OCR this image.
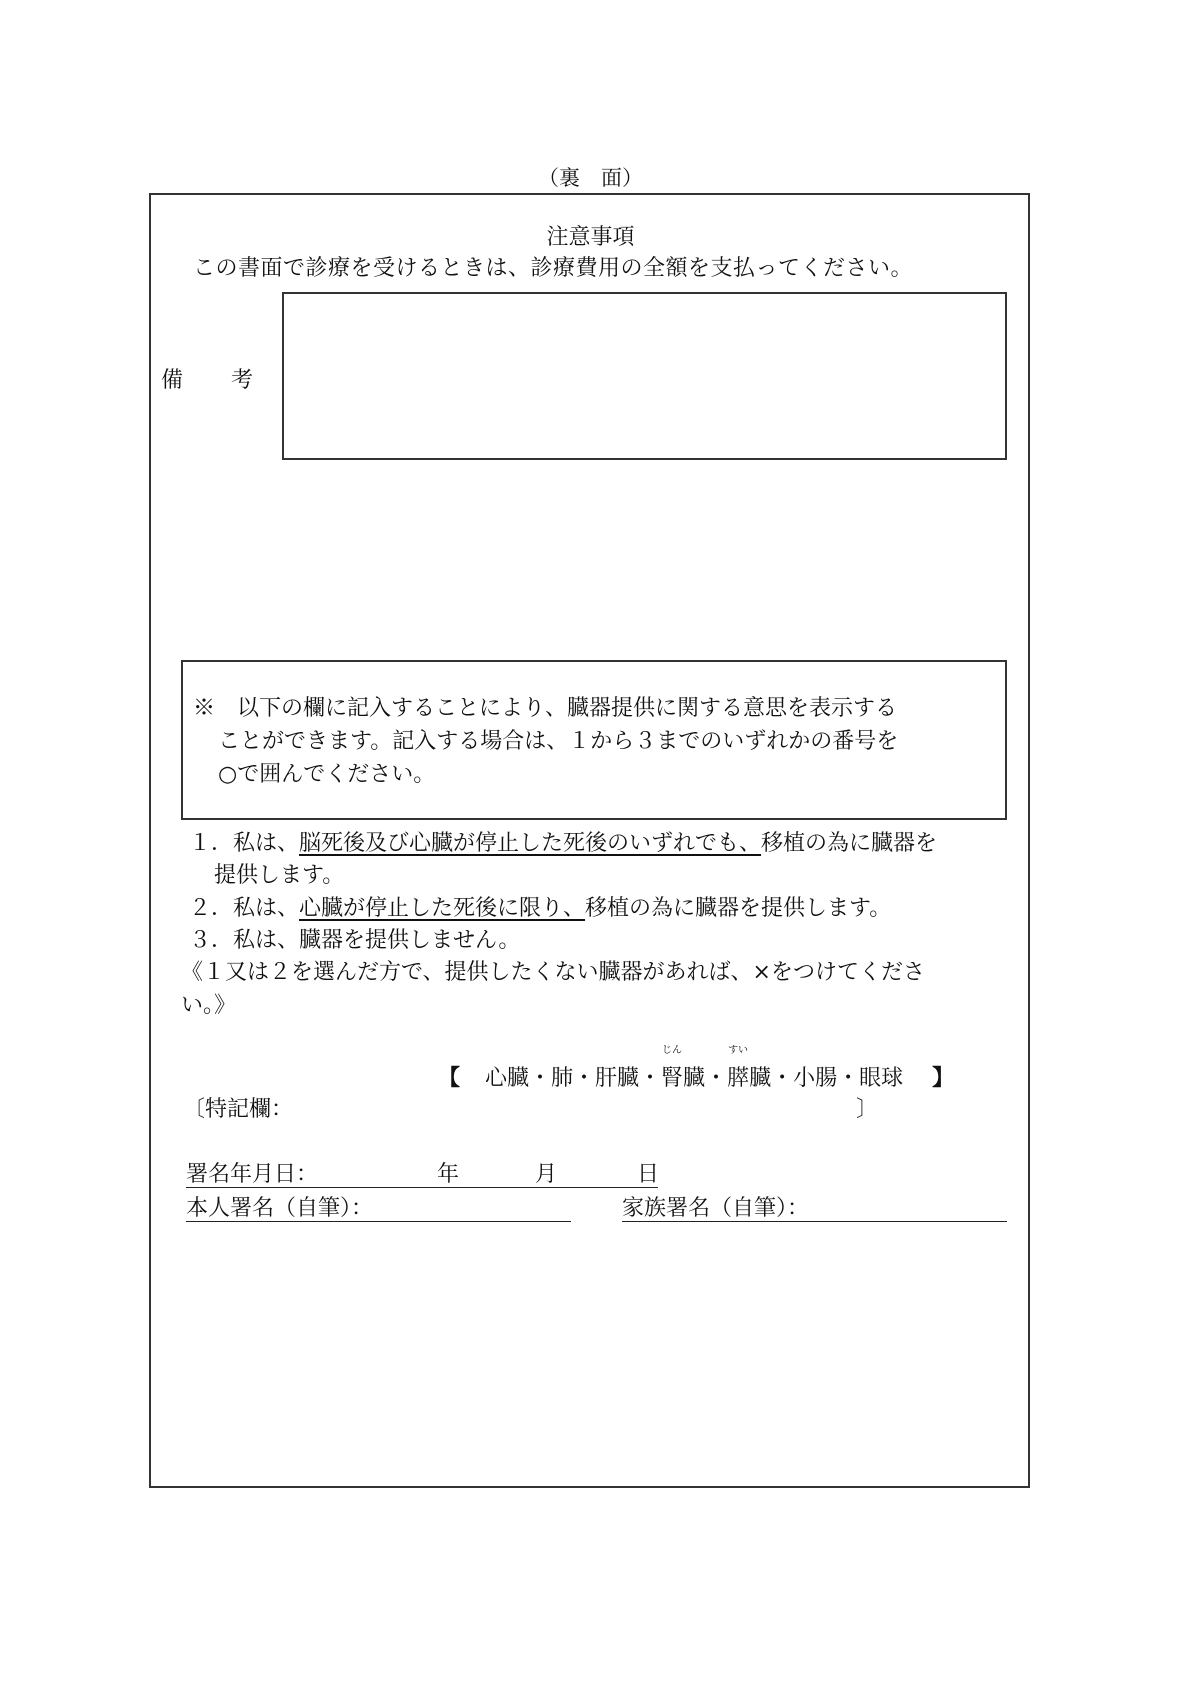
（裏　面）
注意事項
この書面で診療を受けるときは、診療費用の全額を支払ってください。
備 考
※　以下の欄に記入することにより、臓器提供に関する意思を表示する
ことができます。記入する場合は、１から３までのいずれかの番号を
○で囲んでください。
１．私は、脳死後及び心臓が停止した死後のいずれでも、移植の為に臓器を
提供します。
２．私は、心臓が停止した死後に限り、移植の為に臓器を提供します。
３．私は、臓器を提供しません。
《１又は２を選んだ方で、提供したくない臓器があれば、×をつけてくださ
い。》
【 心臓・肺・肝臓・
じん
腎臓・
すい
膵臓・小腸・眼球 】
〔特記欄：	〕
署名年月日：	年	月	日
本人署名（自筆）：	家族署名（自筆）：
